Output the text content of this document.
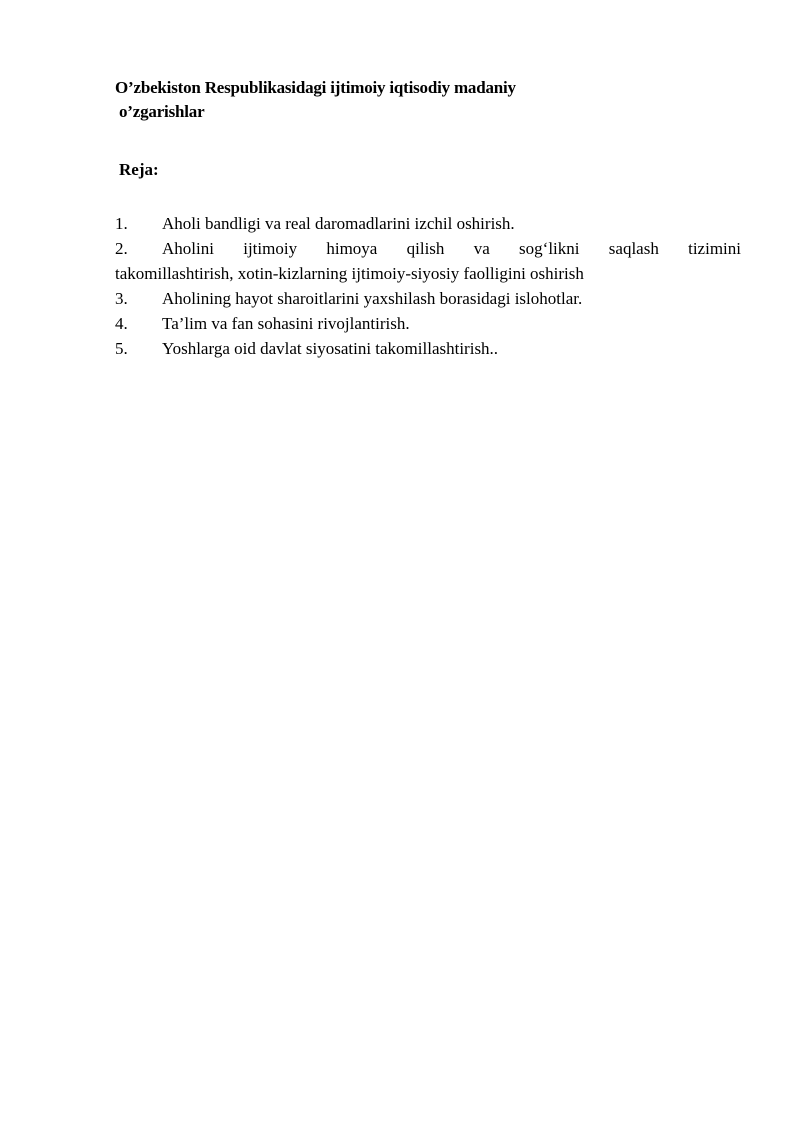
O’zbekiston Respublikasidagi ijtimoiy iqtisodiy madaniy
o’zgarishlar
Reja:

1. Aholi bandligi va real daromadlarini izchil oshirish.

2. Aholini ijtimoiy himoya qilish va sog‘likni saqlash tizimini
takomillashtirish, xotin-kizlarning ijtimoiy-siyosiy faolligini oshirish

3. Aholining hayot sharoitlarini yaxshilash borasidagi islohotlar.

4. Ta’lim va fan sohasini rivojlantirish.

5. Yoshlarga oid davlat siyosatini takomillashtirish..
